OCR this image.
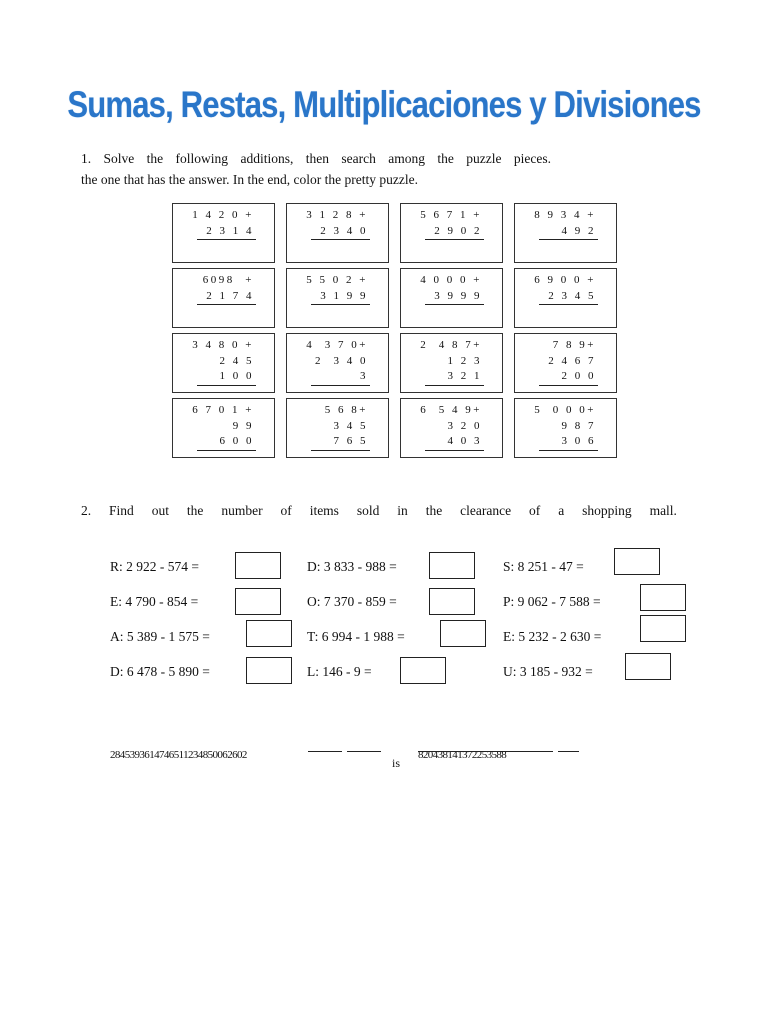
Sumas, Restas, Multiplicaciones y Divisiones
1. Solve the following additions, then search among the puzzle pieces.
the one that has the answer. In the end, color the pretty puzzle.
1 4 2 0 +
2 3 1 4
3 1 2 8 +
2 3 4 0
5 6 7 1 +
2 9 0 2
8 9 3 4 +
4 9 2
6098  +
2 1 7 4
5 5 0 2 +
3 1 9 9
4 0 0 0 +
3 9 9 9
6 9 0 0 +
2 3 4 5
3 4 8 0 +
2 4 5
1 0 0
4  3 7 0+
2  3 4 0
3
2  4 8 7+
1 2 3
3 2 1
7 8 9+
2 4 6 7
2 0 0
6 7 0 1 +
9 9
6 0 0
5 6 8+
3 4 5
7 6 5
6  5 4 9+
3 2 0
4 0 3
5  0 0 0+
9 8 7
3 0 6
2. Find out the number of items sold in the clearance of a shopping mall.
R: 2 922 - 574 =	D: 3 833 - 988 =	S: 8 251 - 47 =
E: 4 790 - 854 =	O: 7 370 - 859 =	P: 9 062 - 7 588 =
A: 5 389 - 1 575 =	T: 6 994 - 1 988 =	E: 5 232 - 2 630 =
D: 6 478 - 5 890 =	L: 146 - 9 =	U: 3 185 - 932 =
2845393614746511234850062602
is
820438141372253588
